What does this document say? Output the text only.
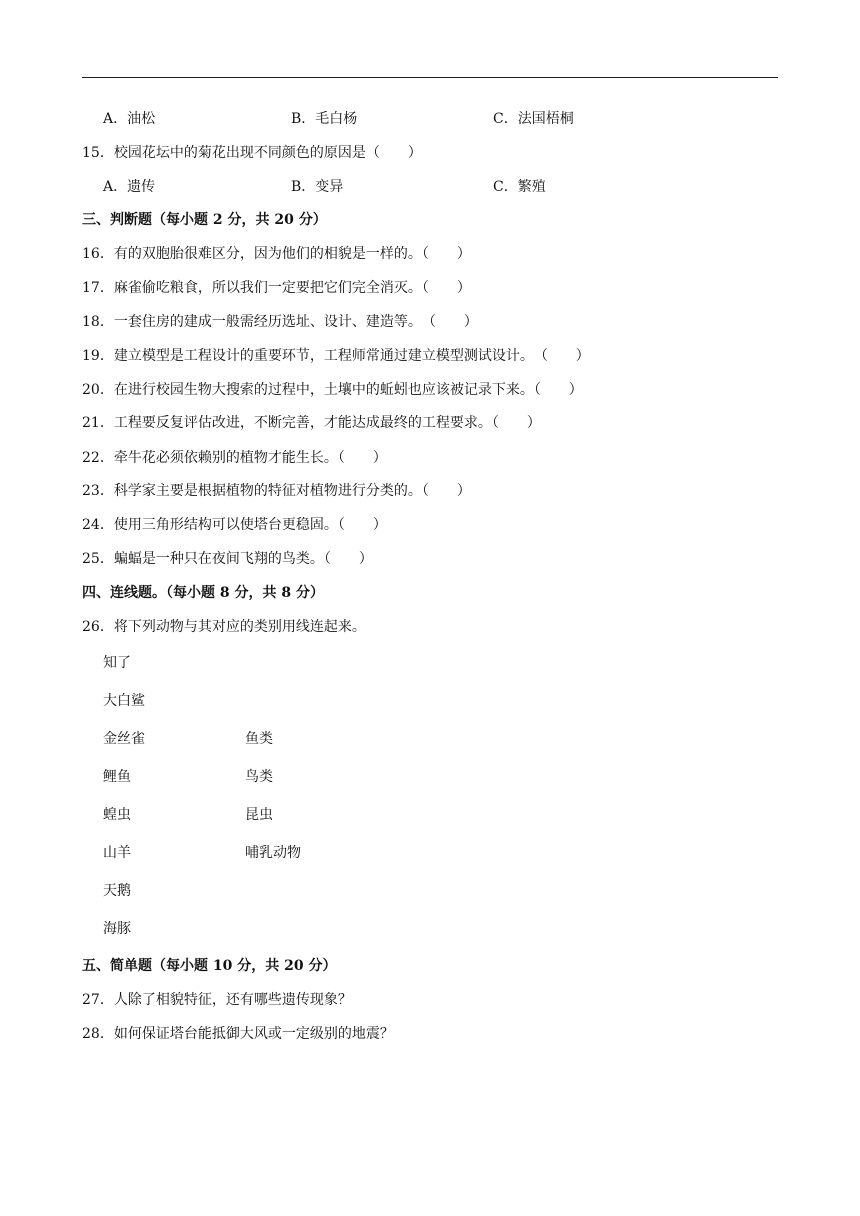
A．油松	B．毛白杨	C．法国梧桐
15．校园花坛中的菊花出现不同颜色的原因是（　　）
A．遗传	B．变异	C．繁殖
三、判断题（每小题 2 分，共 20 分）
16．有的双胞胎很难区分，因为他们的相貌是一样的。（　　）
17．麻雀偷吃粮食，所以我们一定要把它们完全消灭。（　　）
18．一套住房的建成一般需经历选址、设计、建造等。　（　　）
19．建立模型是工程设计的重要环节，工程师常通过建立模型测试设计。　（　　）
20．在进行校园生物大搜索的过程中，土壤中的蚯蚓也应该被记录下来。（　　）
21．工程要反复评估改进，不断完善，才能达成最终的工程要求。（　　）
22．牵牛花必须依赖别的植物才能生长。（　　）
23．科学家主要是根据植物的特征对植物进行分类的。（　　）
24．使用三角形结构可以使塔台更稳固。（　　）
25．蝙蝠是一种只在夜间飞翔的鸟类。（　　）
四、连线题。（每小题 8 分，共 8 分）
26．将下列动物与其对应的类别用线连起来。
知了
大白鲨
金丝雀
鲤鱼
蝗虫
山羊
天鹅
海豚
鱼类
鸟类
昆虫
哺乳动物
五、简单题（每小题 10 分，共 20 分）
27．人除了相貌特征，还有哪些遗传现象？
28．如何保证塔台能抵御大风或一定级别的地震？
